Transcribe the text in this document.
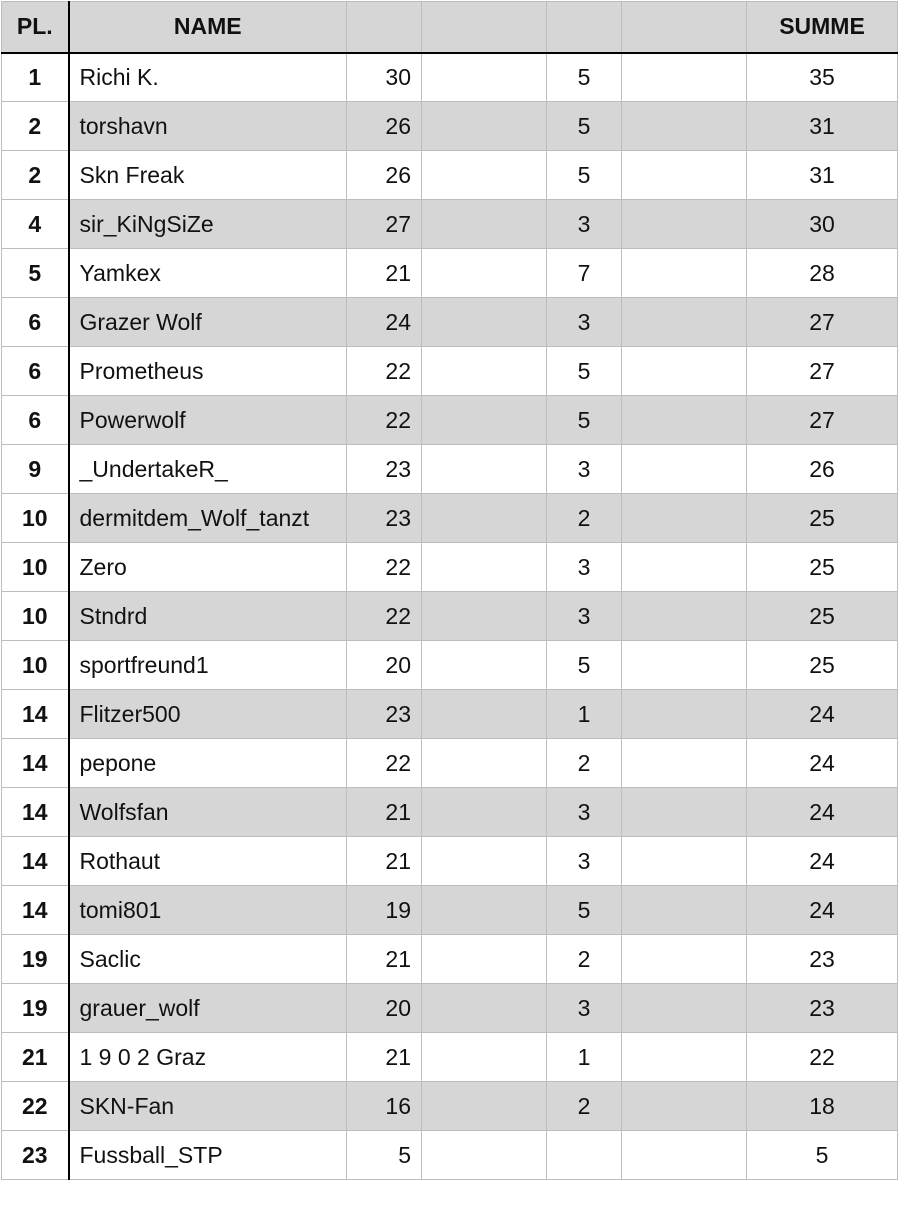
PL.	NAME					SUMME
1	Richi K.	30		5		35
2	torshavn	26		5		31
2	Skn Freak	26		5		31
4	sir_KiNgSiZe	27		3		30
5	Yamkex	21		7		28
6	Grazer Wolf	24		3		27
6	Prometheus	22		5		27
6	Powerwolf	22		5		27
9	_UndertakeR_	23		3		26
10	dermitdem_Wolf_tanzt	23		2		25
10	Zero	22		3		25
10	Stndrd	22		3		25
10	sportfreund1	20		5		25
14	Flitzer500	23		1		24
14	pepone	22		2		24
14	Wolfsfan	21		3		24
14	Rothaut	21		3		24
14	tomi801	19		5		24
19	Saclic	21		2		23
19	grauer_wolf	20		3		23
21	1 9 0 2 Graz	21		1		22
22	SKN-Fan	16		2		18
23	Fussball_STP	5				5
